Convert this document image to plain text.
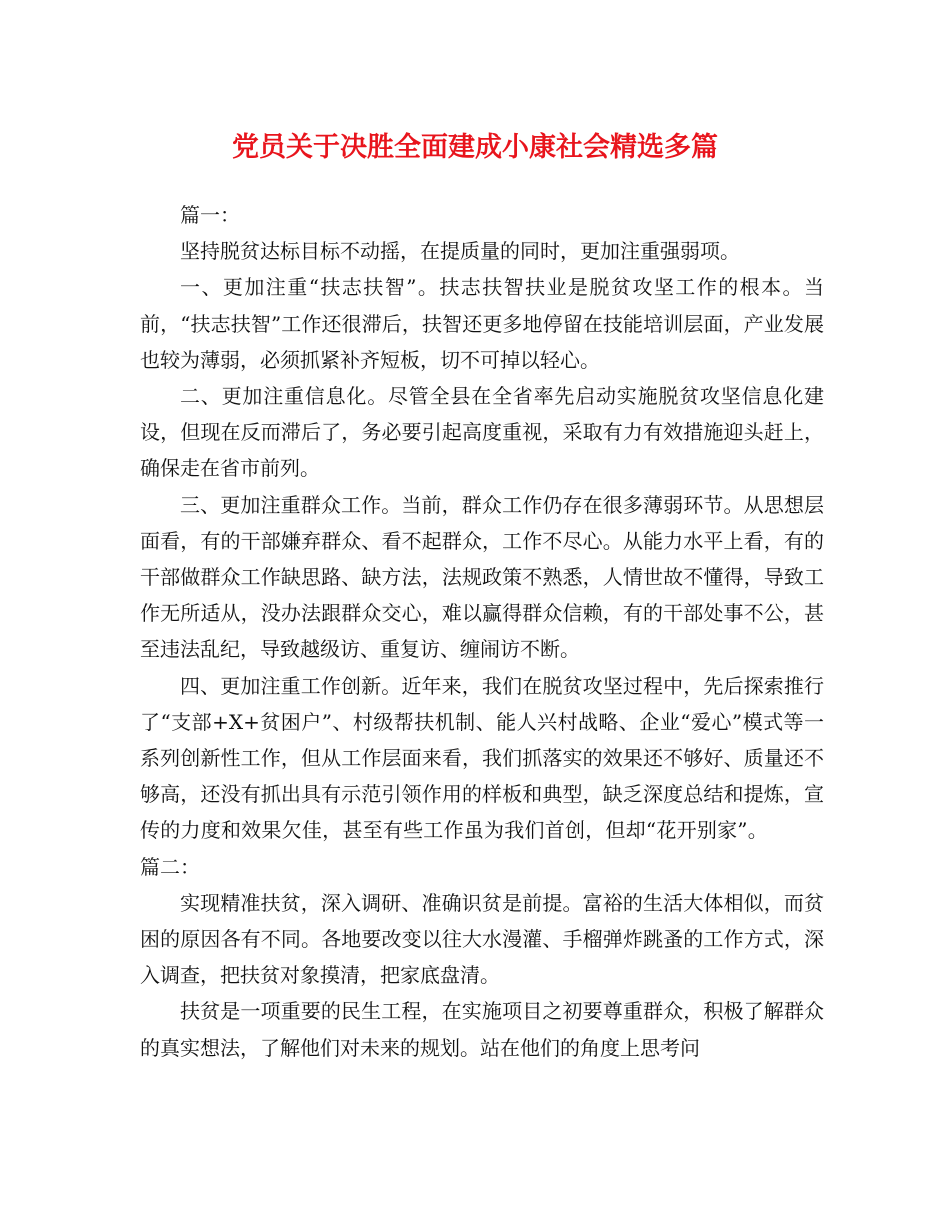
党员关于决胜全面建成小康社会精选多篇

篇一：

坚持脱贫达标目标不动摇，在提质量的同时，更加注重强弱项。

一、更加注重“扶志扶智”。扶志扶智扶业是脱贫攻坚工作的根本。当前，“扶志扶智”工作还很滞后，扶智还更多地停留在技能培训层面，产业发展也较为薄弱，必须抓紧补齐短板，切不可掉以轻心。

二、更加注重信息化。尽管全县在全省率先启动实施脱贫攻坚信息化建设，但现在反而滞后了，务必要引起高度重视，采取有力有效措施迎头赶上，确保走在省市前列。

三、更加注重群众工作。当前，群众工作仍存在很多薄弱环节。从思想层面看，有的干部嫌弃群众、看不起群众，工作不尽心。从能力水平上看，有的干部做群众工作缺思路、缺方法，法规政策不熟悉，人情世故不懂得，导致工作无所适从，没办法跟群众交心，难以赢得群众信赖，有的干部处事不公，甚至违法乱纪，导致越级访、重复访、缠闹访不断。

四、更加注重工作创新。近年来，我们在脱贫攻坚过程中，先后探索推行了“支部+X+贫困户”、村级帮扶机制、能人兴村战略、企业“爱心”模式等一系列创新性工作，但从工作层面来看，我们抓落实的效果还不够好、质量还不够高，还没有抓出具有示范引领作用的样板和典型，缺乏深度总结和提炼，宣传的力度和效果欠佳，甚至有些工作虽为我们首创，但却“花开别家”。篇二：

实现精准扶贫，深入调研、准确识贫是前提。富裕的生活大体相似，而贫困的原因各有不同。各地要改变以往大水漫灌、手榴弹炸跳蚤的工作方式，深入调查，把扶贫对象摸清，把家底盘清。

扶贫是一项重要的民生工程，在实施项目之初要尊重群众，积极了解群众的真实想法，了解他们对未来的规划。站在他们的角度上思考问
